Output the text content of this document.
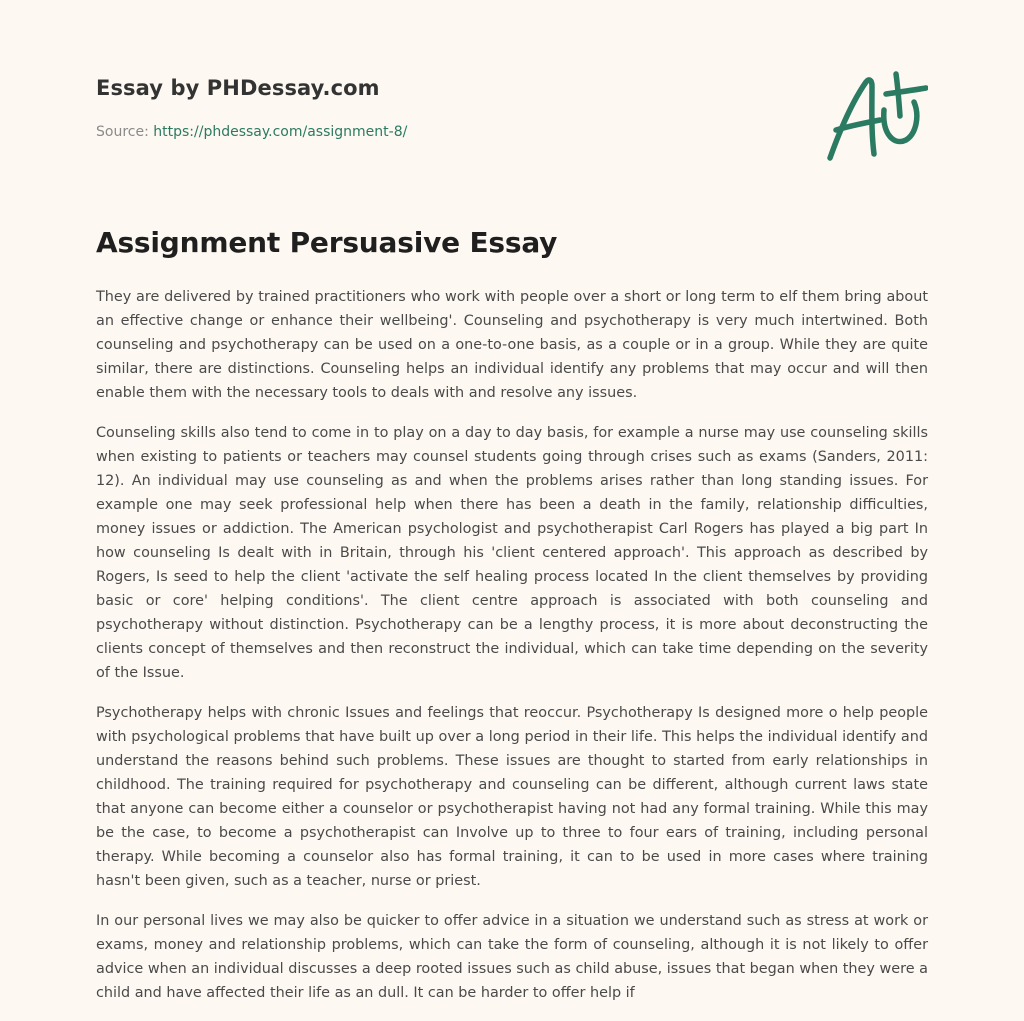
Essay by PHDessay.com
Source: https://phdessay.com/assignment-8/
Assignment Persuasive Essay

They are delivered by trained practitioners who work with people over a short or long term to elf them bring about an effective change or enhance their wellbeing'. Counseling and psychotherapy is very much intertwined. Both counseling and psychotherapy can be used on a one-to-one basis, as a couple or in a group. While they are quite similar, there are distinctions. Counseling helps an individual identify any problems that may occur and will then enable them with the necessary tools to deals with and resolve any issues.

Counseling skills also tend to come in to play on a day to day basis, for example a nurse may use counseling skills when existing to patients or teachers may counsel students going through crises such as exams (Sanders, 2011: 12). An individual may use counseling as and when the problems arises rather than long standing issues. For example one may seek professional help when there has been a death in the family, relationship difficulties, money issues or addiction. The American psychologist and psychotherapist Carl Rogers has played a big part In how counseling Is dealt with in Britain, through his 'client centered approach'. This approach as described by Rogers, Is seed to help the client 'activate the self healing process located In the client themselves by providing basic or core' helping conditions'. The client centre approach is associated with both counseling and psychotherapy without distinction. Psychotherapy can be a lengthy process, it is more about deconstructing the clients concept of themselves and then reconstruct the individual, which can take time depending on the severity of the Issue.

Psychotherapy helps with chronic Issues and feelings that reoccur. Psychotherapy Is designed more o help people with psychological problems that have built up over a long period in their life. This helps the individual identify and understand the reasons behind such problems. These issues are thought to started from early relationships in childhood. The training required for psychotherapy and counseling can be different, although current laws state that anyone can become either a counselor or psychotherapist having not had any formal training. While this may be the case, to become a psychotherapist can Involve up to three to four ears of training, including personal therapy. While becoming a counselor also has formal training, it can to be used in more cases where training hasn't been given, such as a teacher, nurse or priest.

In our personal lives we may also be quicker to offer advice in a situation we understand such as stress at work or exams, money and relationship problems, which can take the form of counseling, although it is not likely to offer advice when an individual discusses a deep rooted issues such as child abuse, issues that began when they were a child and have affected their life as an dull. It can be harder to offer help if
